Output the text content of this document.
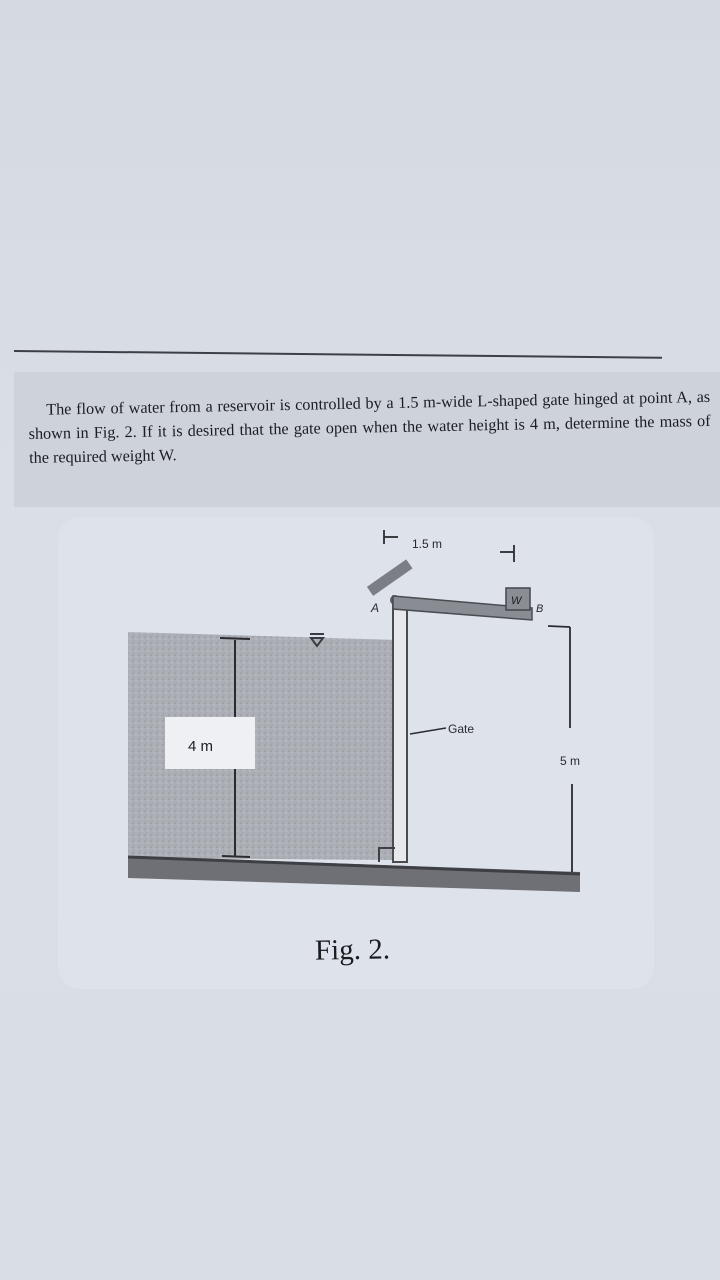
The flow of water from a reservoir is controlled by a 1.5 m-wide L-shaped gate hinged at point A, as shown in Fig. 2. If it is desired that the gate open when the water height is 4 m, determine the mass of the required weight W.
4 m
A	W
B
1.5 m
Gate
5 m
Fig. 2.
